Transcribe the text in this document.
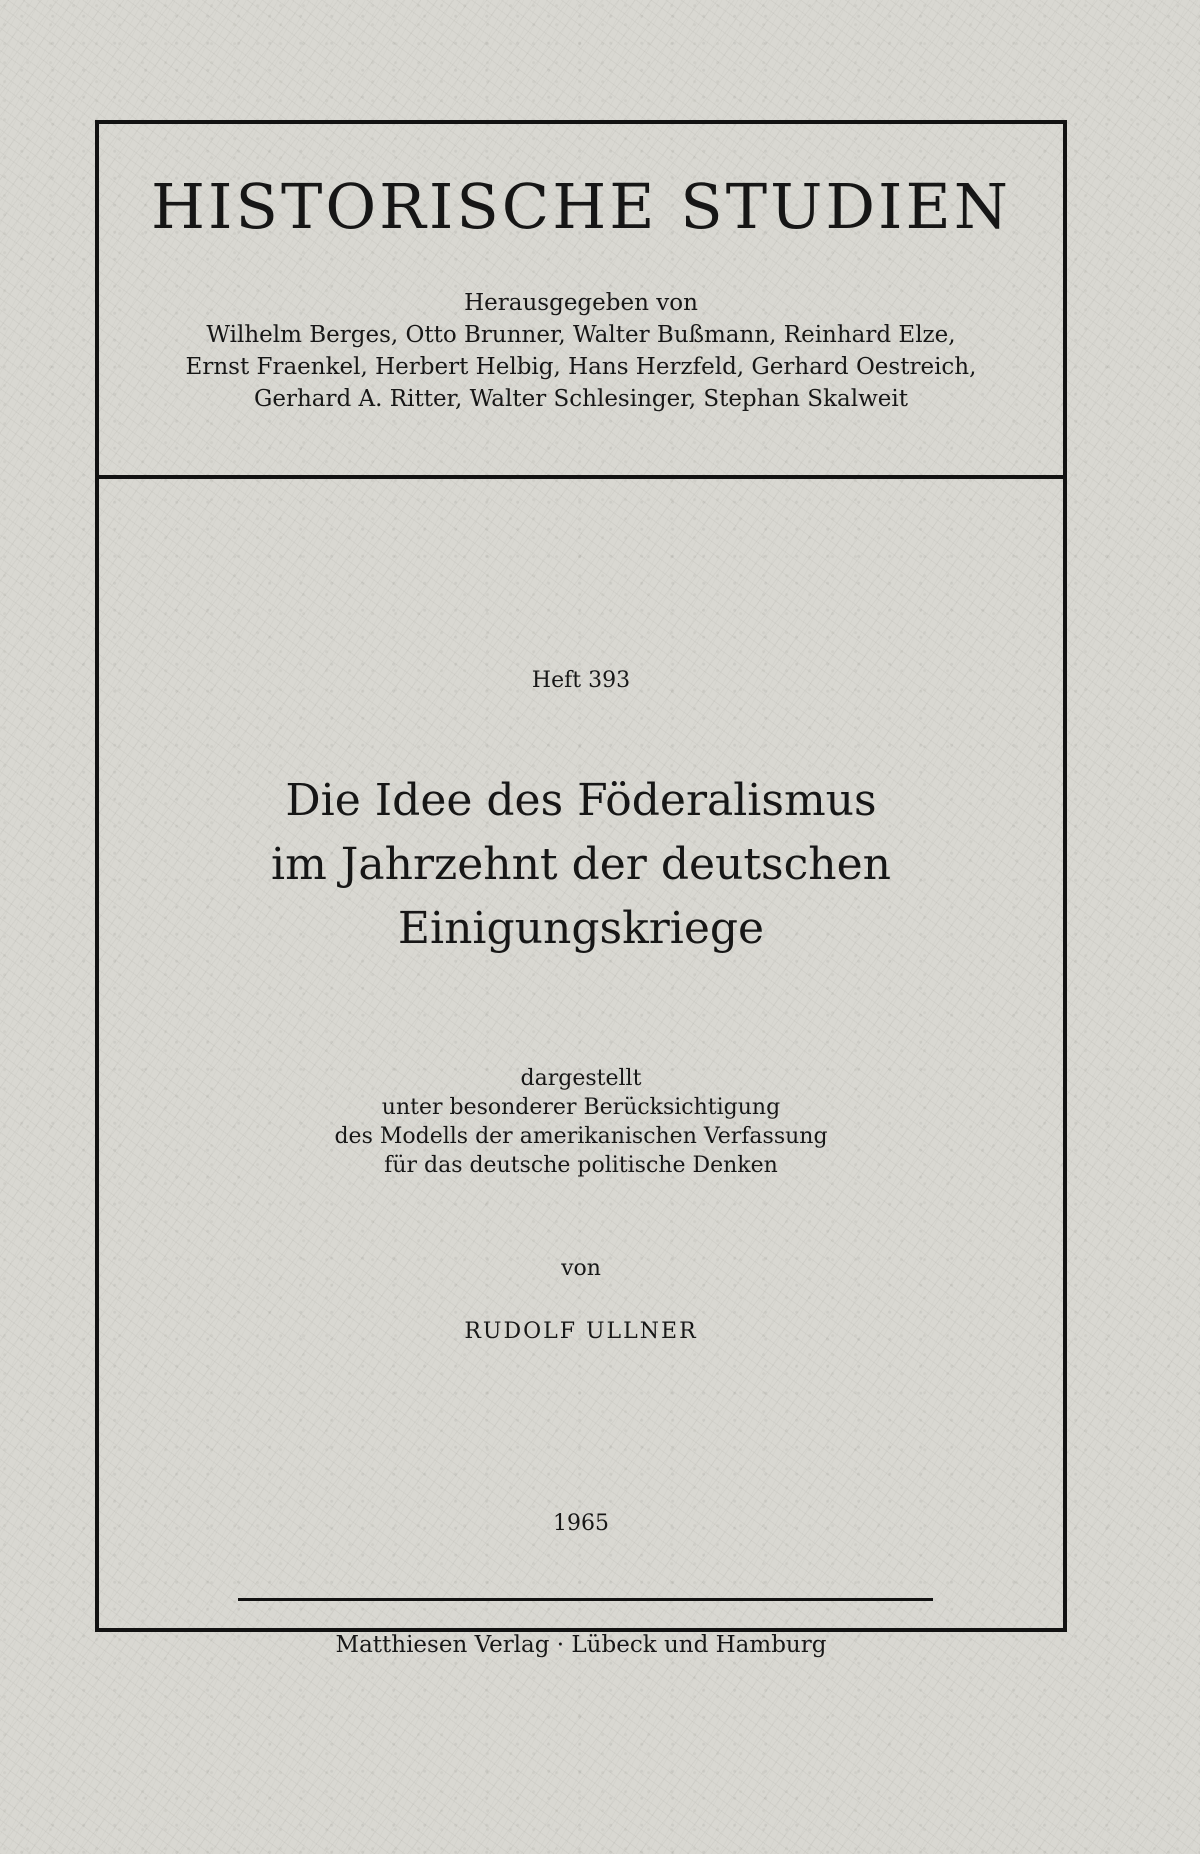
HISTORISCHE STUDIEN
Herausgegeben von
Wilhelm Berges, Otto Brunner, Walter Bußmann, Reinhard Elze,
Ernst Fraenkel, Herbert Helbig, Hans Herzfeld, Gerhard Oestreich,
Gerhard A. Ritter, Walter Schlesinger, Stephan Skalweit
Heft 393
Die Idee des Föderalismus
im Jahrzehnt der deutschen
Einigungskriege
dargestellt
unter besonderer Berücksichtigung
des Modells der amerikanischen Verfassung
für das deutsche politische Denken
von
RUDOLF ULLNER
1965
Matthiesen Verlag · Lübeck und Hamburg
